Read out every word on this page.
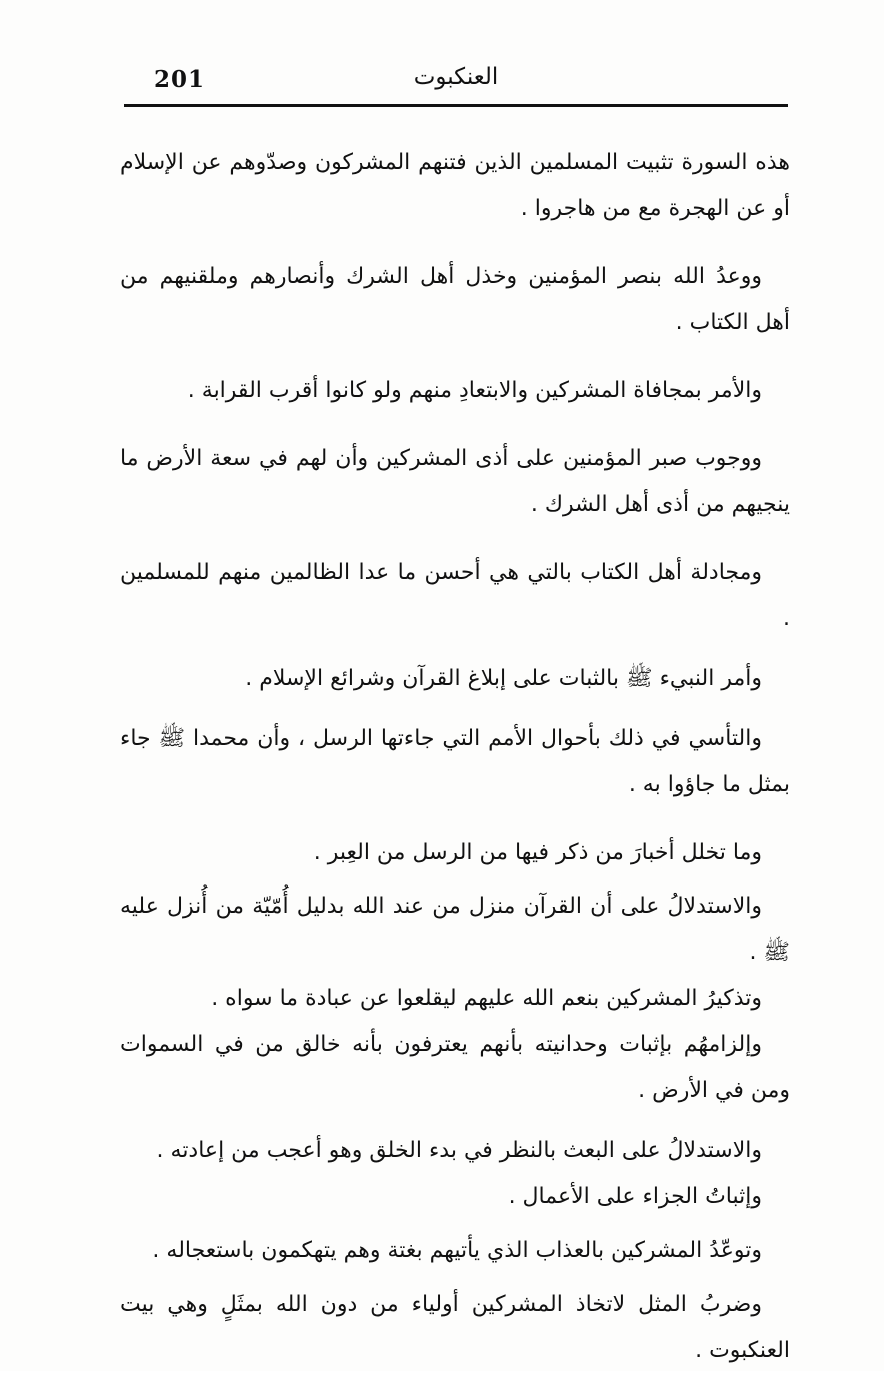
201	العنكبوت

هذه السورة تثبيت المسلمين الذين فتنهم المشركون وصدّوهم عن الإسلام أو عن الهجرة مع من هاجروا .

ووعدُ الله بنصر المؤمنين وخذل أهل الشرك وأنصارهم وملقنيهم من أهل الكتاب .

والأمر بمجافاة المشركين والابتعادِ منهم ولو كانوا أقرب القرابة .

ووجوب صبر المؤمنين على أذى المشركين وأن لهم في سعة الأرض ما ينجيهم من أذى أهل الشرك .

ومجادلة أهل الكتاب بالتي هي أحسن ما عدا الظالمين منهم للمسلمين .

وأمر النبيء ﷺ بالثبات على إبلاغ القرآن وشرائع الإسلام .

والتأسي في ذلك بأحوال الأمم التي جاءتها الرسل ، وأن محمدا ﷺ جاء بمثل ما جاؤوا به .

وما تخلل أخبارَ من ذكر فيها من الرسل من العِبر .

والاستدلالُ على أن القرآن منزل من عند الله بدليل أُمّيّة من أُنزل عليه ﷺ .

وتذكيرُ المشركين بنعم الله عليهم ليقلعوا عن عبادة ما سواه .

وإلزامهُم بإثبات وحدانيته بأنهم يعترفون بأنه خالق من في السموات ومن في الأرض .

والاستدلالُ على البعث بالنظر في بدء الخلق وهو أعجب من إعادته .

وإثباتُ الجزاء على الأعمال .

وتوعّدُ المشركين بالعذاب الذي يأتيهم بغتة وهم يتهكمون باستعجاله .

وضربُ المثل لاتخاذ المشركين أولياء من دون الله بمثَلٍ وهي بيت العنكبوت .
